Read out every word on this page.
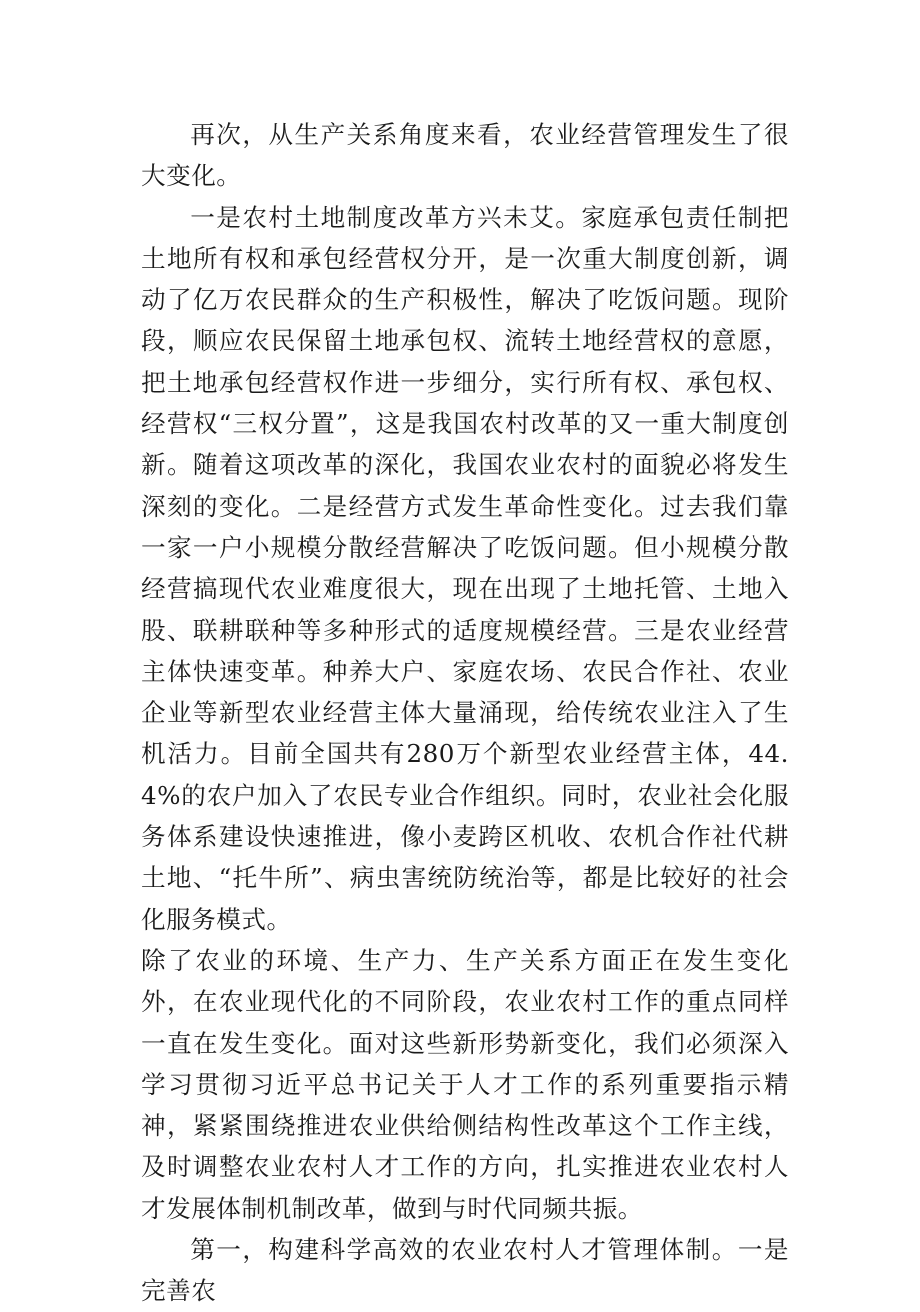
再次，从生产关系角度来看，农业经营管理发生了很大变化。

一是农村土地制度改革方兴未艾。家庭承包责任制把土地所有权和承包经营权分开，是一次重大制度创新，调动了亿万农民群众的生产积极性，解决了吃饭问题。现阶段，顺应农民保留土地承包权、流转土地经营权的意愿，把土地承包经营权作进一步细分，实行所有权、承包权、经营权“三权分置”，这是我国农村改革的又一重大制度创新。随着这项改革的深化，我国农业农村的面貌必将发生深刻的变化。二是经营方式发生革命性变化。过去我们靠一家一户小规模分散经营解决了吃饭问题。但小规模分散经营搞现代农业难度很大，现在出现了土地托管、土地入股、联耕联种等多种形式的适度规模经营。三是农业经营主体快速变革。种养大户、家庭农场、农民合作社、农业企业等新型农业经营主体大量涌现，给传统农业注入了生机活力。目前全国共有280万个新型农业经营主体，44.4%的农户加入了农民专业合作组织。同时，农业社会化服务体系建设快速推进，像小麦跨区机收、农机合作社代耕土地、“托牛所”、病虫害统防统治等，都是比较好的社会化服务模式。

除了农业的环境、生产力、生产关系方面正在发生变化外，在农业现代化的不同阶段，农业农村工作的重点同样一直在发生变化。面对这些新形势新变化，我们必须深入学习贯彻习近平总书记关于人才工作的系列重要指示精神，紧紧围绕推进农业供给侧结构性改革这个工作主线，及时调整农业农村人才工作的方向，扎实推进农业农村人才发展体制机制改革，做到与时代同频共振。

第一，构建科学高效的农业农村人才管理体制。一是完善农
